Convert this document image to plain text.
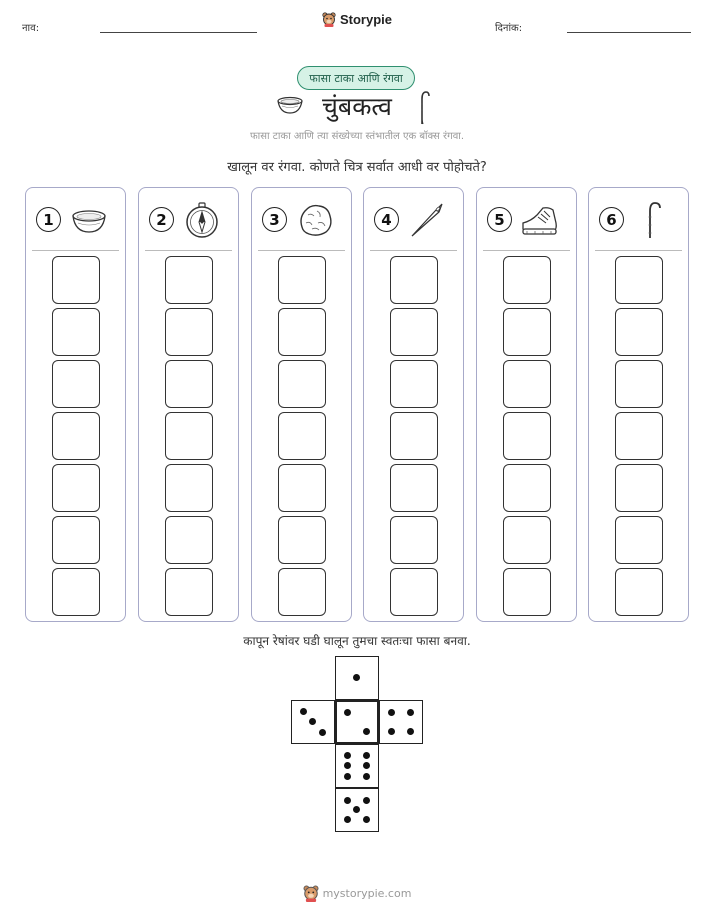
नाव:
Storypie
दिनांक:
फासा टाका आणि रंगवा
चुंबकत्व
फासा टाका आणि त्या संख्येच्या स्तंभातील एक बॉक्स रंगवा.
खालून वर रंगवा. कोणते चित्र सर्वात आधी वर पोहोचते?
1	2	3	4	5	6
कापून रेषांवर घडी घालून तुमचा स्वतःचा फासा बनवा.
mystorypie.com
